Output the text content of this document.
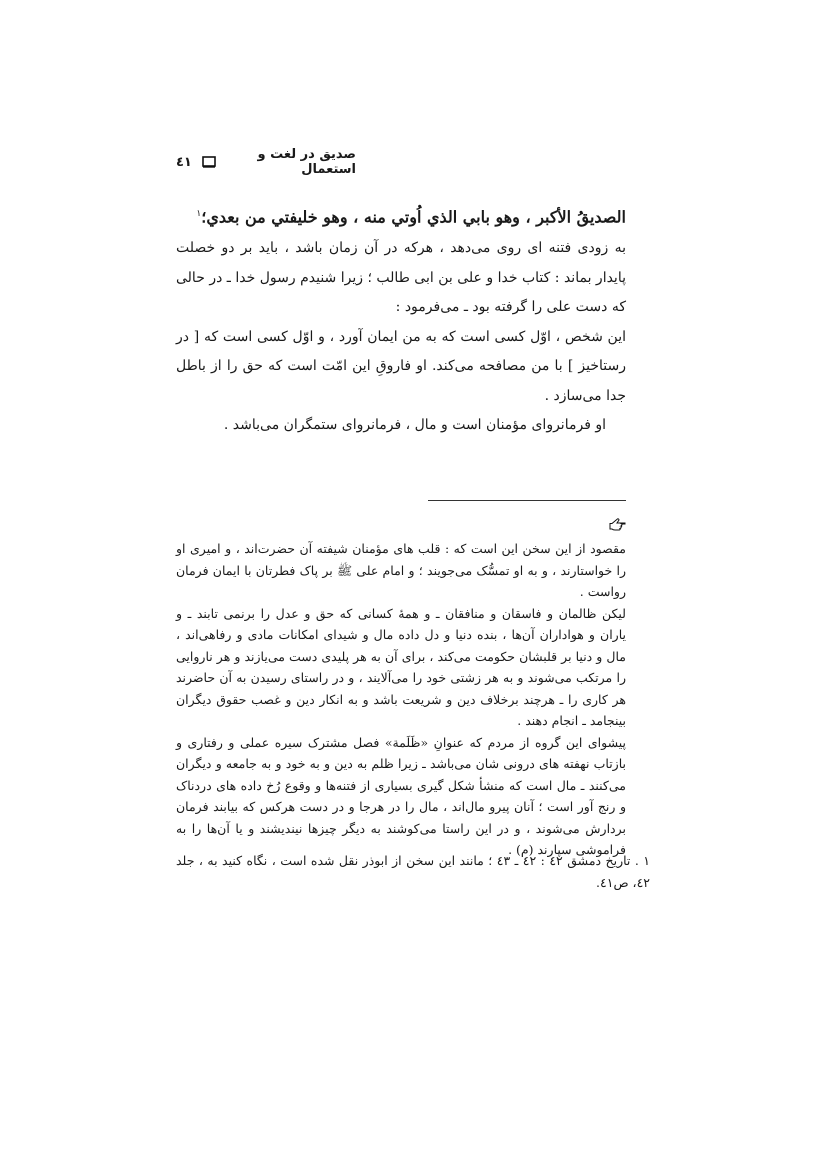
صديق در لغت و استعمال
٤١
الصديقُ الأكبر ، وهو بابي الذي اُوتي منه ، وهو خليفتي من بعدي؛$^١$

به زودی فتنه ای روی می‌دهد ، هرکه در آن زمان باشد ، باید بر دو خصلت پایدار بماند : کتاب خدا و علی بن ابی طالب ؛ زیرا شنیدم رسول خدا ـ در حالی که دست علی را گرفته بود ـ می‌فرمود :

این شخص ، اوّل کسی است که به من ایمان آورد ، و اوّل کسی است که [ در رستاخیز ] با من مصافحه می‌کند. او فاروقِ این امّت است که حق را از باطل جدا می‌سازد .

او فرمانروای مؤمنان است و مال ، فرمانروای ستمگران می‌باشد .

مقصود از این سخن این است که : قلب های مؤمنان شیفته آن حضرت‌اند ، و امیری او را خواستارند ، و به او تمسُّک می‌جویند ؛ و امام علی ﷺ بر پاک فطرتان با ایمان فرمان رواست .

لیکن ظالمان و فاسقان و منافقان ـ و همهٔ کسانی که حق و عدل را برنمی تابند ـ و یاران و هواداران آن‌ها ، بنده دنیا و دل داده مال و شیدای امکانات مادی و رفاهی‌اند ، مال و دنیا بر قلبشان حکومت می‌کند ، برای آن به هر پلیدی دست می‌یازند و هر ناروایی را مرتکب می‌شوند و به هر زشتی خود را می‌آلایند ، و در راستای رسیدن به آن حاضرند هر کاری را ـ هرچند برخلاف دین و شریعت باشد و به انکار دین و غصب حقوق دیگران بینجامد ـ انجام دهند .

پیشوای این گروه از مردم که عنوانِ «ظَلَمة» فصل مشترک سیره عملی و رفتاری و بازتاب نهفته های درونی شان می‌باشد ـ زیرا ظلم به دین و به خود و به جامعه و دیگران می‌کنند ـ مال است که منشأ شکل گیری بسیاری از فتنه‌ها و وقوع رُخ داده های دردناک و رنج آور است ؛ آنان پیرو مال‌اند ، مال را در هرجا و در دست هرکس که بیابند فرمان بردارش می‌شوند ، و در این راستا می‌کوشند به دیگر چیزها نیندیشند و یا آن‌ها را به فراموشی سپارند (م) .

١ . تاریخ دمشق ٤٢ : ٤٢ ـ ٤٣ ؛ مانند این سخن از ابوذر نقل شده است ، نگاه کنید به ، جلد ٤٢، ص٤١.
